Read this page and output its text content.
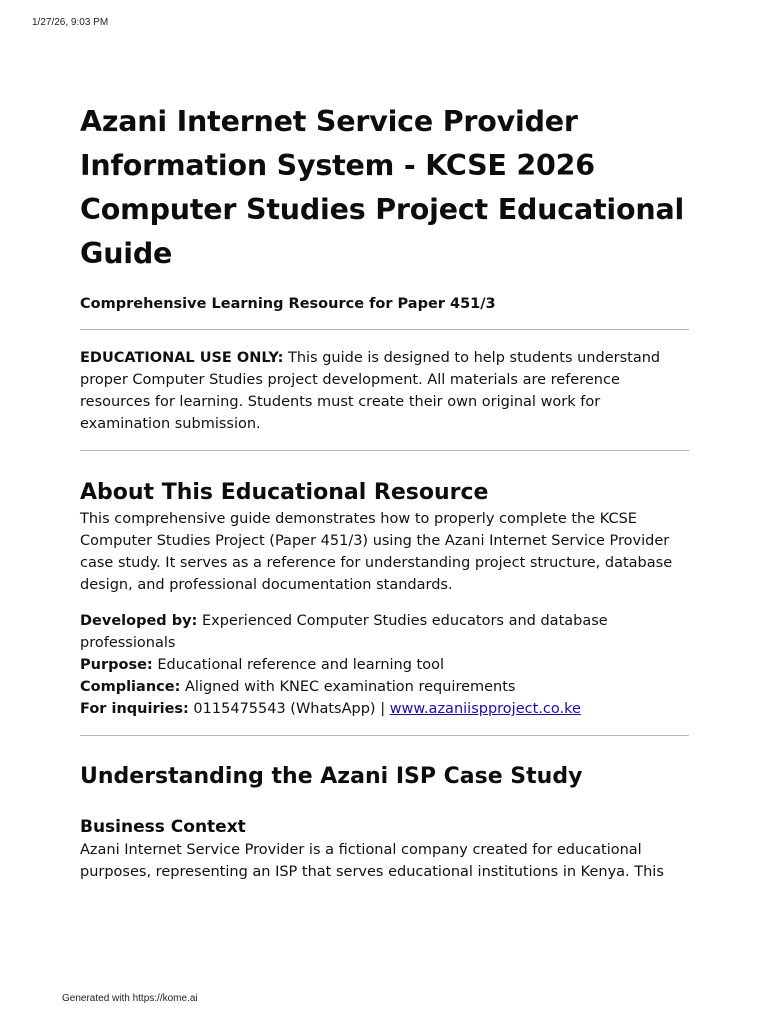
1/27/26, 9:03 PM
Azani Internet Service Provider Information System - KCSE 2026 Computer Studies Project Educational Guide

Comprehensive Learning Resource for Paper 451/3

EDUCATIONAL USE ONLY: This guide is designed to help students understand proper Computer Studies project development. All materials are reference resources for learning. Students must create their own original work for examination submission.

About This Educational Resource

This comprehensive guide demonstrates how to properly complete the KCSE Computer Studies Project (Paper 451/3) using the Azani Internet Service Provider case study. It serves as a reference for understanding project structure, database design, and professional documentation standards.

Developed by: Experienced Computer Studies educators and database professionals

Purpose: Educational reference and learning tool

Compliance: Aligned with KNEC examination requirements

For inquiries: 0115475543 (WhatsApp) | www.azaniispproject.co.ke

Understanding the Azani ISP Case Study
Business Context

Azani Internet Service Provider is a fictional company created for educational purposes, representing an ISP that serves educational institutions in Kenya. This

Generated with https://kome.ai
